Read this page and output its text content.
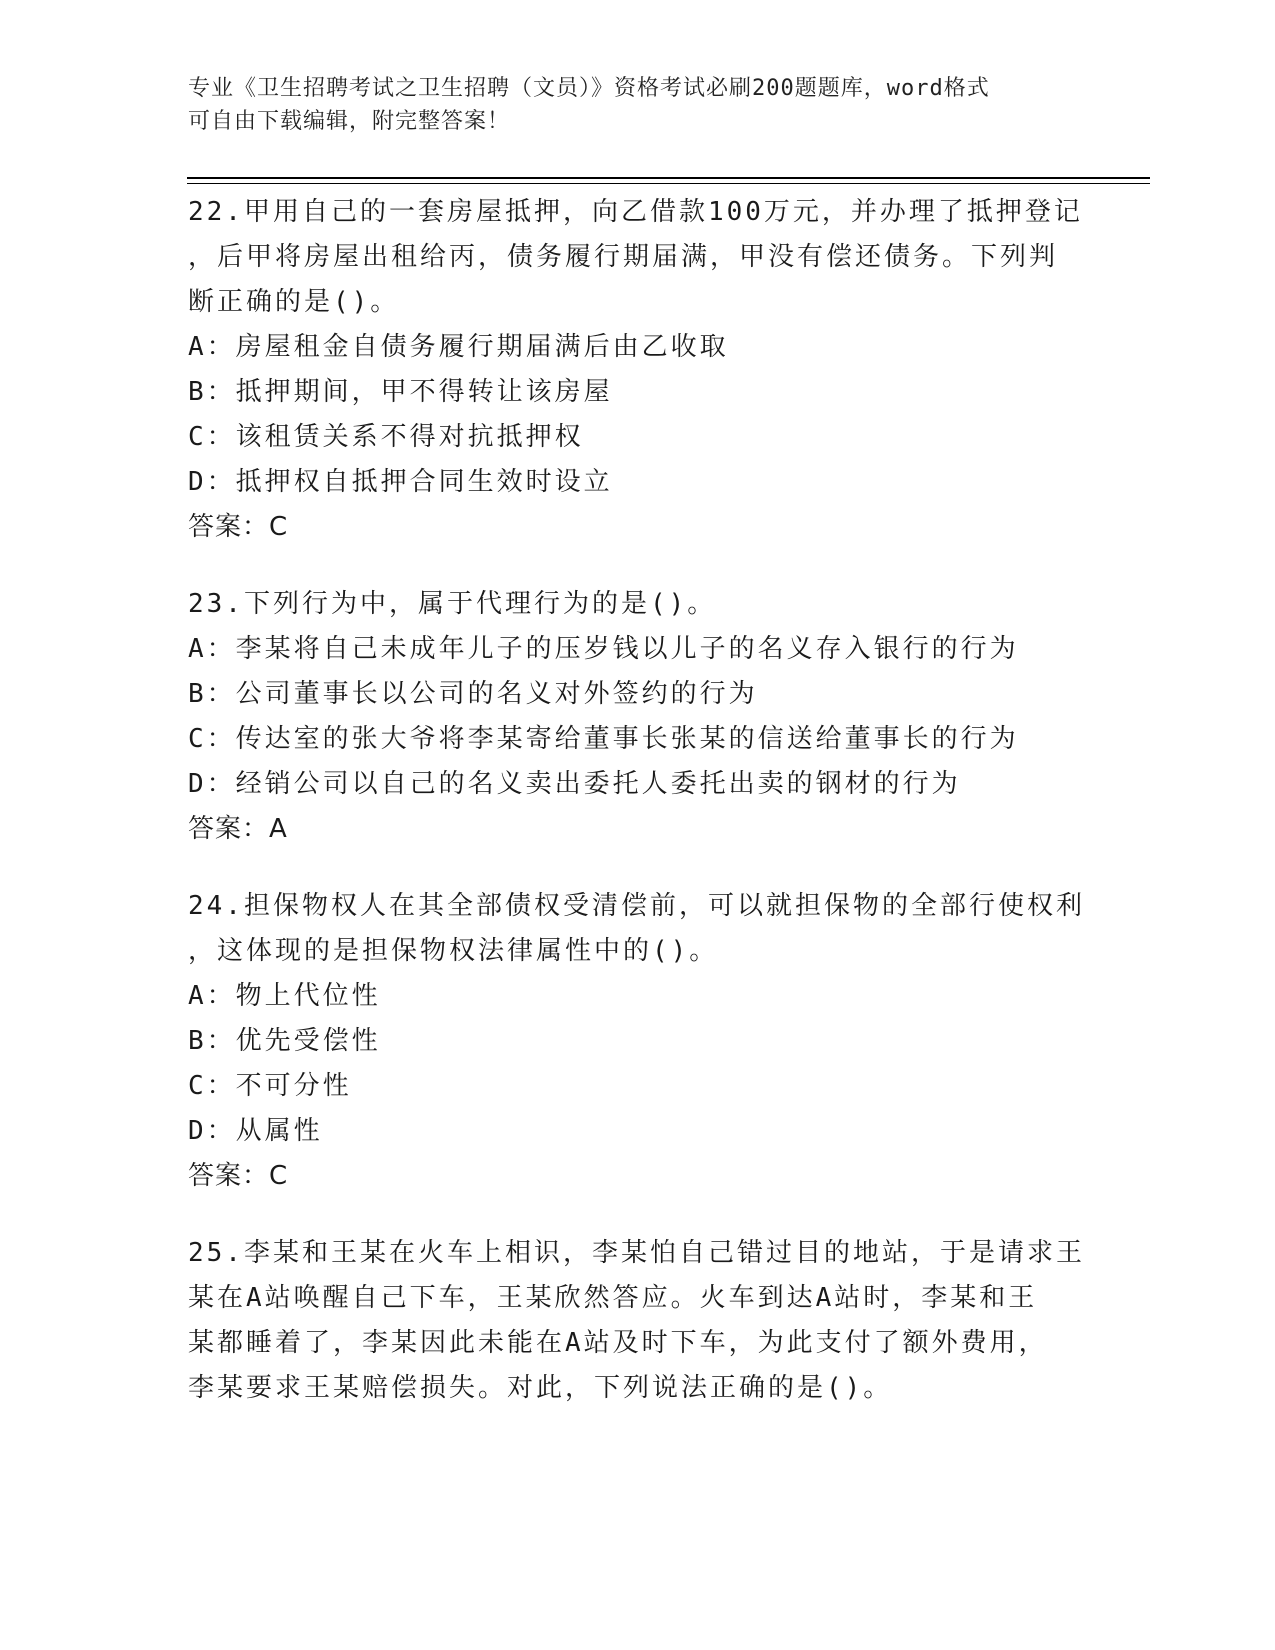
专业《卫生招聘考试之卫生招聘（文员）》资格考试必刷200题题库，word格式
可自由下载编辑，附完整答案！
22.甲用自己的一套房屋抵押，向乙借款100万元，并办理了抵押登记
，后甲将房屋出租给丙，债务履行期届满，甲没有偿还债务。下列判
断正确的是()。
A：房屋租金自债务履行期届满后由乙收取
B：抵押期间，甲不得转让该房屋
C：该租赁关系不得对抗抵押权
D：抵押权自抵押合同生效时设立
答案：C
23.下列行为中，属于代理行为的是()。
A：李某将自己未成年儿子的压岁钱以儿子的名义存入银行的行为
B：公司董事长以公司的名义对外签约的行为
C：传达室的张大爷将李某寄给董事长张某的信送给董事长的行为
D：经销公司以自己的名义卖出委托人委托出卖的钢材的行为
答案：A
24.担保物权人在其全部债权受清偿前，可以就担保物的全部行使权利
，这体现的是担保物权法律属性中的()。
A：物上代位性
B：优先受偿性
C：不可分性
D：从属性
答案：C
25.李某和王某在火车上相识，李某怕自己错过目的地站，于是请求王
某在A站唤醒自己下车，王某欣然答应。火车到达A站时，李某和王
某都睡着了，李某因此未能在A站及时下车，为此支付了额外费用，
李某要求王某赔偿损失。对此，下列说法正确的是()。
